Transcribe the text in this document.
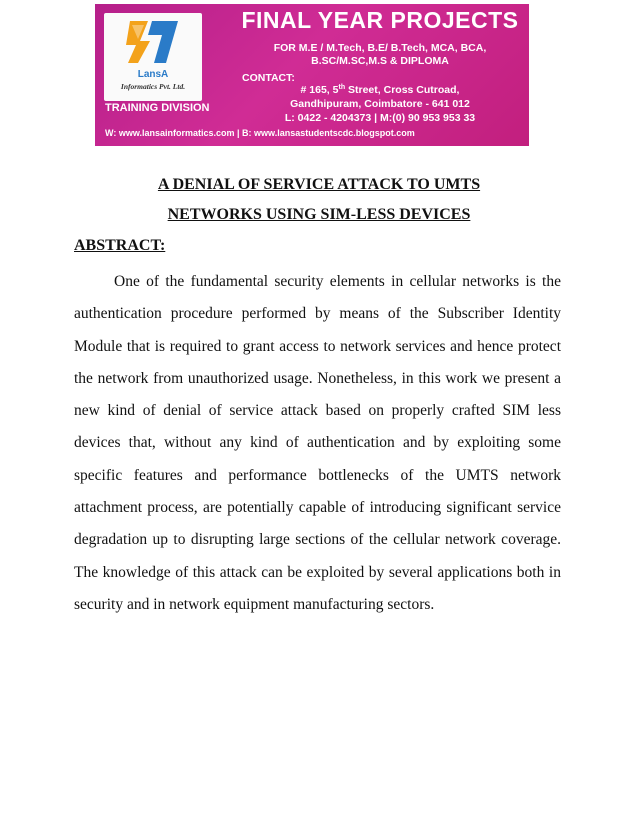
LansA
Informatics Pvt. Ltd.
TRAINING DIVISION
FINAL YEAR PROJECTS
FOR M.E / M.Tech, B.E/ B.Tech, MCA, BCA,
B.SC/M.SC,M.S & DIPLOMA
CONTACT:
# 165, 5th Street, Cross Cutroad,
Gandhipuram, Coimbatore - 641 012
L: 0422 - 4204373 | M:(0) 90 953 953 33
W: www.lansainformatics.com | B: www.lansastudentscdc.blogspot.com
A DENIAL OF SERVICE ATTACK TO UMTS
NETWORKS USING SIM-LESS DEVICES
ABSTRACT:

One of the fundamental security elements in cellular networks is the authentication procedure performed by means of the Subscriber Identity Module that is required to grant access to network services and hence protect the network from unauthorized usage. Nonetheless, in this work we present a new kind of denial of service attack based on properly crafted SIM less devices that, without any kind of authentication and by exploiting some specific features and performance bottlenecks of the UMTS network attachment process, are potentially capable of introducing significant service degradation up to disrupting large sections of the cellular network coverage. The knowledge of this attack can be exploited by several applications both in security and in network equipment manufacturing sectors.
